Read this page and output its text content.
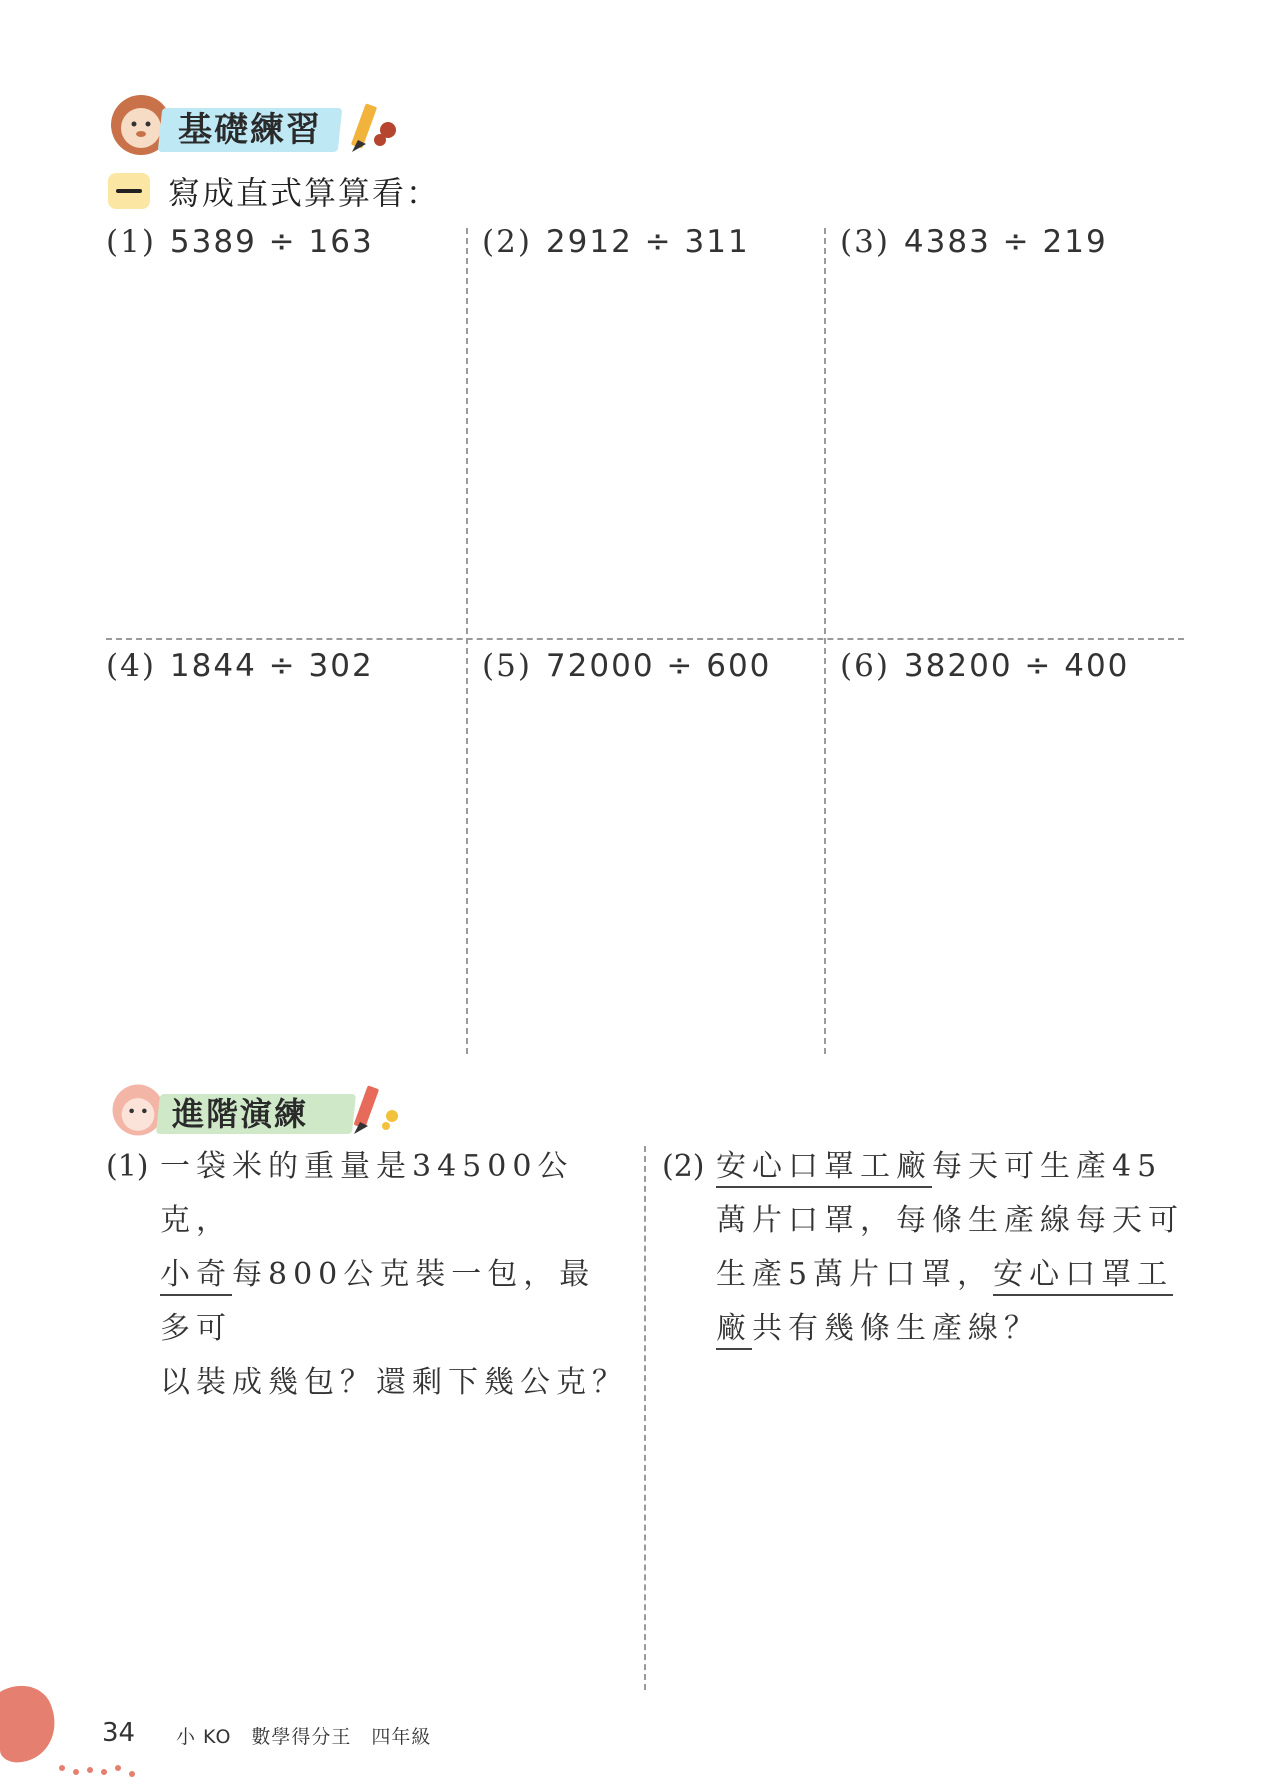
基礎練習
寫成直式算算看：
(1) 5389 ÷ 163	(2) 2912 ÷ 311	(3) 4383 ÷ 219
(4) 1844 ÷ 302	(5) 72000 ÷ 600 (6) 38200 ÷ 400
進階演練
(1) 一袋米的重量是34500公克，
小奇每800公克裝一包，最多可
以裝成幾包？還剩下幾公克？
(2) 安心口罩工廠每天可生產45
萬片口罩，每條生產線每天可
生產5萬片口罩，安心口罩工
廠共有幾條生產線？
34 小 KO　數學得分王　四年級
